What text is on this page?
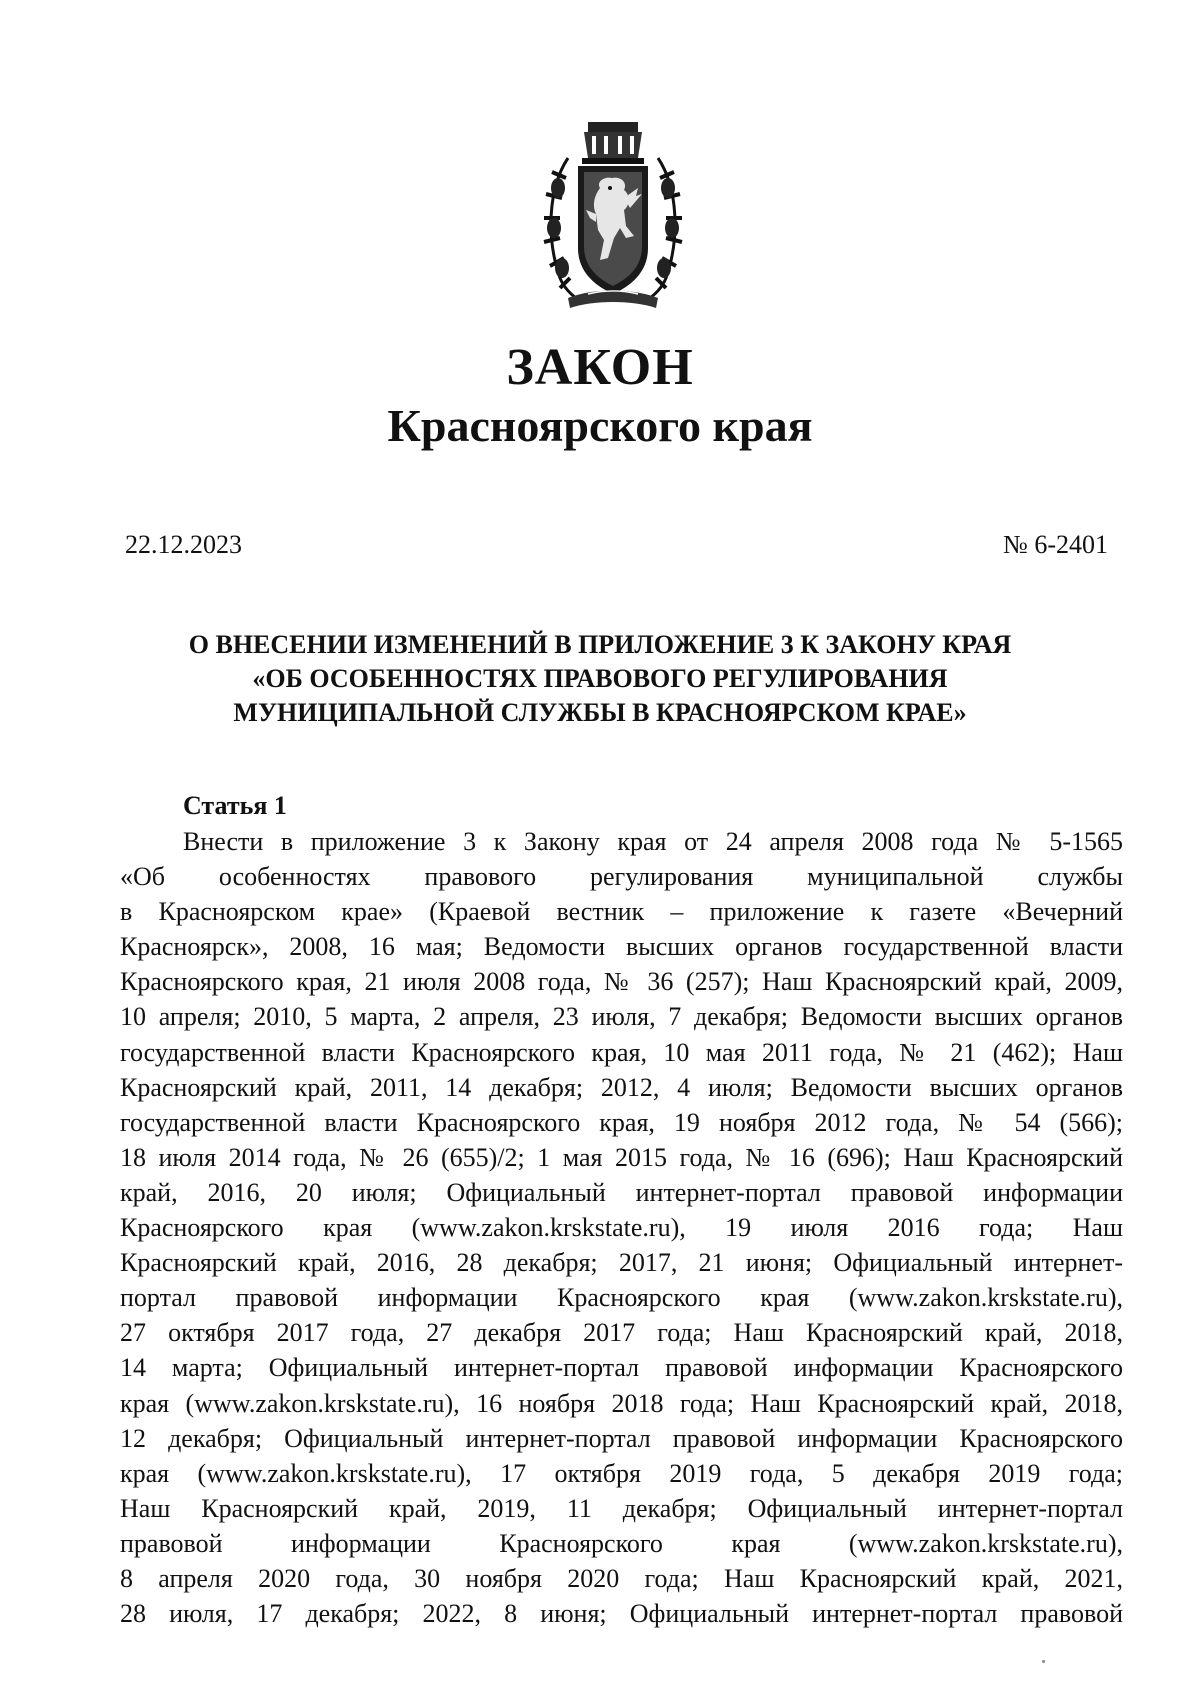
ЗАКОН
Красноярского края
22.12.2023	№ 6-2401
О ВНЕСЕНИИ ИЗМЕНЕНИЙ В ПРИЛОЖЕНИЕ 3 К ЗАКОНУ КРАЯ
«ОБ ОСОБЕННОСТЯХ ПРАВОВОГО РЕГУЛИРОВАНИЯ
МУНИЦИПАЛЬНОЙ СЛУЖБЫ В КРАСНОЯРСКОМ КРАЕ»
Статья 1
Внести в приложение 3 к Закону края от 24 апреля 2008 года № 5-1565
«Об особенностях правового регулирования муниципальной службы
в Красноярском крае» (Краевой вестник – приложение к газете «Вечерний
Красноярск», 2008, 16 мая; Ведомости высших органов государственной власти
Красноярского края, 21 июля 2008 года, № 36 (257); Наш Красноярский край, 2009,
10 апреля; 2010, 5 марта, 2 апреля, 23 июля, 7 декабря; Ведомости высших органов
государственной власти Красноярского края, 10 мая 2011 года, № 21 (462); Наш
Красноярский край, 2011, 14 декабря; 2012, 4 июля; Ведомости высших органов
государственной власти Красноярского края, 19 ноября 2012 года, № 54 (566);
18 июля 2014 года, № 26 (655)/2; 1 мая 2015 года, № 16 (696); Наш Красноярский
край, 2016, 20 июля; Официальный интернет-портал правовой информации
Красноярского края (www.zakon.krskstate.ru), 19 июля 2016 года; Наш
Красноярский край, 2016, 28 декабря; 2017, 21 июня; Официальный интернет-
портал правовой информации Красноярского края (www.zakon.krskstate.ru),
27 октября 2017 года, 27 декабря 2017 года; Наш Красноярский край, 2018,
14 марта; Официальный интернет-портал правовой информации Красноярского
края (www.zakon.krskstate.ru), 16 ноября 2018 года; Наш Красноярский край, 2018,
12 декабря; Официальный интернет-портал правовой информации Красноярского
края (www.zakon.krskstate.ru), 17 октября 2019 года, 5 декабря 2019 года;
Наш Красноярский край, 2019, 11 декабря; Официальный интернет-портал
правовой информации Красноярского края (www.zakon.krskstate.ru),
8 апреля 2020 года, 30 ноября 2020 года; Наш Красноярский край, 2021,
28 июля, 17 декабря; 2022, 8 июня; Официальный интернет-портал правовой
